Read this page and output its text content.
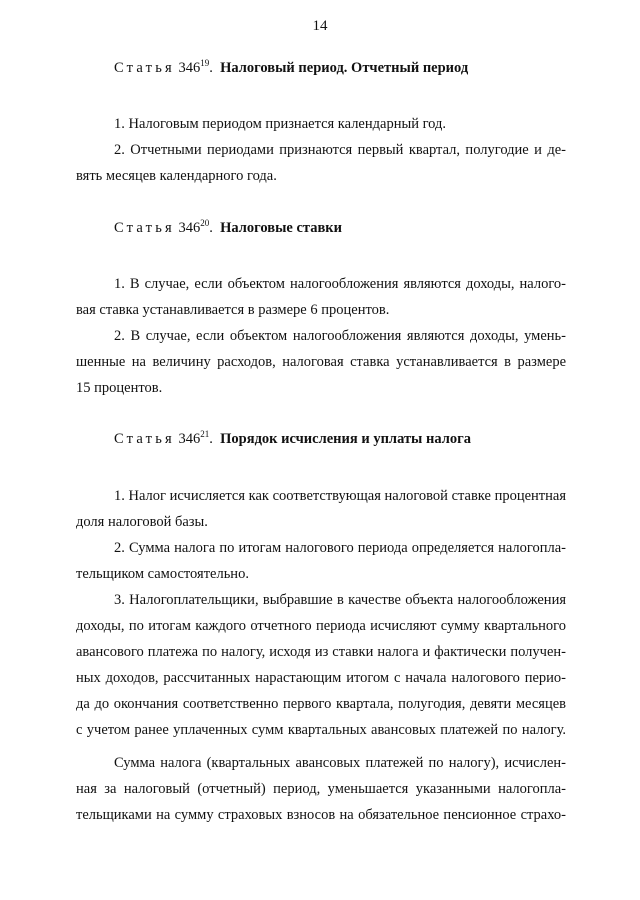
14
Статья $346^{19}$.  Налоговый период. Отчетный период
1. Налоговым периодом признается календарный год.
2. Отчетными периодами признаются первый квартал, полугодие и де-
вять месяцев календарного года.
Статья $346^{20}$.  Налоговые ставки
1. В случае, если объектом налогообложения являются доходы, налого-
вая ставка устанавливается в размере 6 процентов.
2. В случае, если объектом налогообложения являются доходы, умень-
шенные на величину расходов, налоговая ставка устанавливается в размере
15 процентов.
Статья $346^{21}$.  Порядок исчисления и уплаты налога
1. Налог исчисляется как соответствующая налоговой ставке процентная
доля налоговой базы.
2. Сумма налога по итогам налогового периода определяется налогопла-
тельщиком самостоятельно.
3. Налогоплательщики, выбравшие в качестве объекта налогообложения
доходы, по итогам каждого отчетного периода исчисляют сумму квартального
авансового платежа по налогу, исходя из ставки налога и фактически получен-
ных доходов, рассчитанных нарастающим итогом с начала налогового перио-
да до окончания соответственно первого квартала, полугодия, девяти месяцев
с учетом ранее уплаченных сумм квартальных авансовых платежей по налогу.
Сумма налога (квартальных авансовых платежей по налогу), исчислен-
ная за налоговый (отчетный) период, уменьшается указанными налогопла-
тельщиками на сумму страховых взносов на обязательное пенсионное страхо-
